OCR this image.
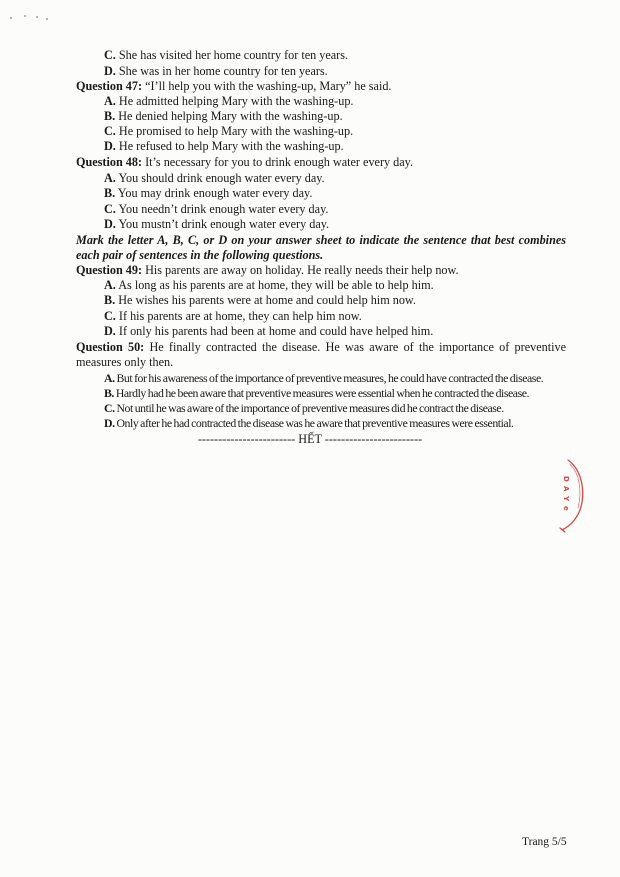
C. She has visited her home country for ten years.
D. She was in her home country for ten years.
Question 47: “I’ll help you with the washing-up, Mary” he said.
A. He admitted helping Mary with the washing-up.
B. He denied helping Mary with the washing-up.
C. He promised to help Mary with the washing-up.
D. He refused to help Mary with the washing-up.
Question 48: It’s necessary for you to drink enough water every day.
A. You should drink enough water every day.
B. You may drink enough water every day.
C. You needn’t drink enough water every day.
D. You mustn’t drink enough water every day.
Mark the letter A, B, C, or D on your answer sheet to indicate the sentence that best combines each pair of sentences in the following questions.
Question 49: His parents are away on holiday. He really needs their help now.
A. As long as his parents are at home, they will be able to help him.
B. He wishes his parents were at home and could help him now.
C. If his parents are at home, they can help him now.
D. If only his parents had been at home and could have helped him.
Question 50: He finally contracted the disease. He was aware of the importance of preventive measures only then.
A. But for his awareness of the importance of preventive measures, he could have contracted the disease.
B. Hardly had he been aware that preventive measures were essential when he contracted the disease.
C. Not until he was aware of the importance of preventive measures did he contract the disease.
D. Only after he had contracted the disease was he aware that preventive measures were essential.
------------------------ HẾT ------------------------
D
A
Y
e
Trang 5/5
